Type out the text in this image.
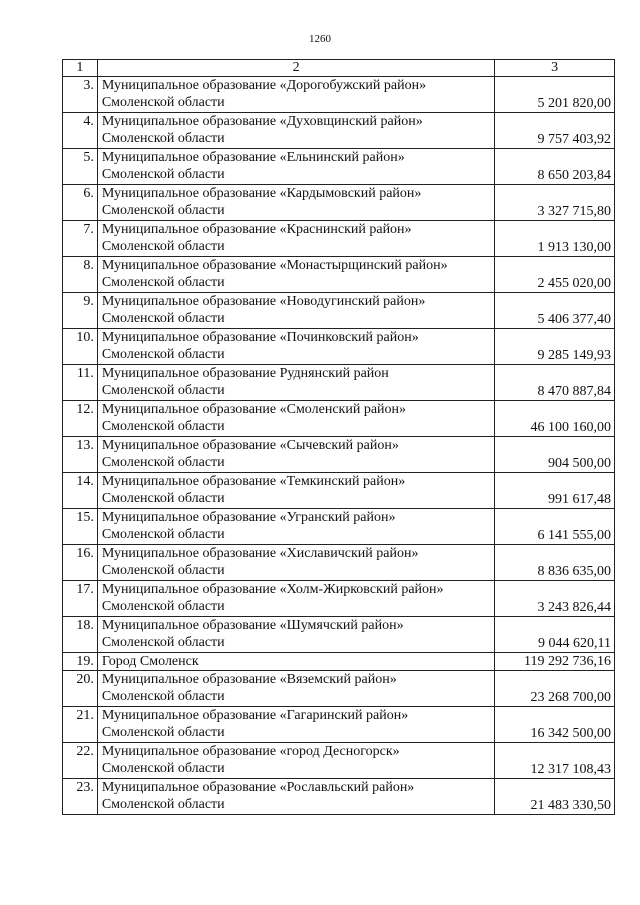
1260
1	2	3
3.	Муниципальное образование «Дорогобужский район»
Смоленской области	5 201 820,00
4.	Муниципальное образование «Духовщинский район»
Смоленской области	9 757 403,92
5.	Муниципальное образование «Ельнинский район»
Смоленской области	8 650 203,84
6.	Муниципальное образование «Кардымовский район»
Смоленской области	3 327 715,80
7.	Муниципальное образование «Краснинский район»
Смоленской области	1 913 130,00
8.	Муниципальное образование «Монастырщинский район»
Смоленской области	2 455 020,00
9.	Муниципальное образование «Новодугинский район»
Смоленской области	5 406 377,40
10.	Муниципальное образование «Починковский район»
Смоленской области	9 285 149,93
11.	Муниципальное образование Руднянский район
Смоленской области	8 470 887,84
12.	Муниципальное образование «Смоленский район»
Смоленской области	46 100 160,00
13.	Муниципальное образование «Сычевский район»
Смоленской области	904 500,00
14.	Муниципальное образование «Темкинский район»
Смоленской области	991 617,48
15.	Муниципальное образование «Угранский район»
Смоленской области	6 141 555,00
16.	Муниципальное образование «Хиславичский район»
Смоленской области	8 836 635,00
17.	Муниципальное образование «Холм-Жирковский район»
Смоленской области	3 243 826,44
18.	Муниципальное образование «Шумячский район»
Смоленской области	9 044 620,11
19.	Город Смоленск	119 292 736,16
20.	Муниципальное образование «Вяземский район»
Смоленской области	23 268 700,00
21.	Муниципальное образование «Гагаринский район»
Смоленской области	16 342 500,00
22.	Муниципальное образование «город Десногорск»
Смоленской области	12 317 108,43
23.	Муниципальное образование «Рославльский район»
Смоленской области	21 483 330,50
